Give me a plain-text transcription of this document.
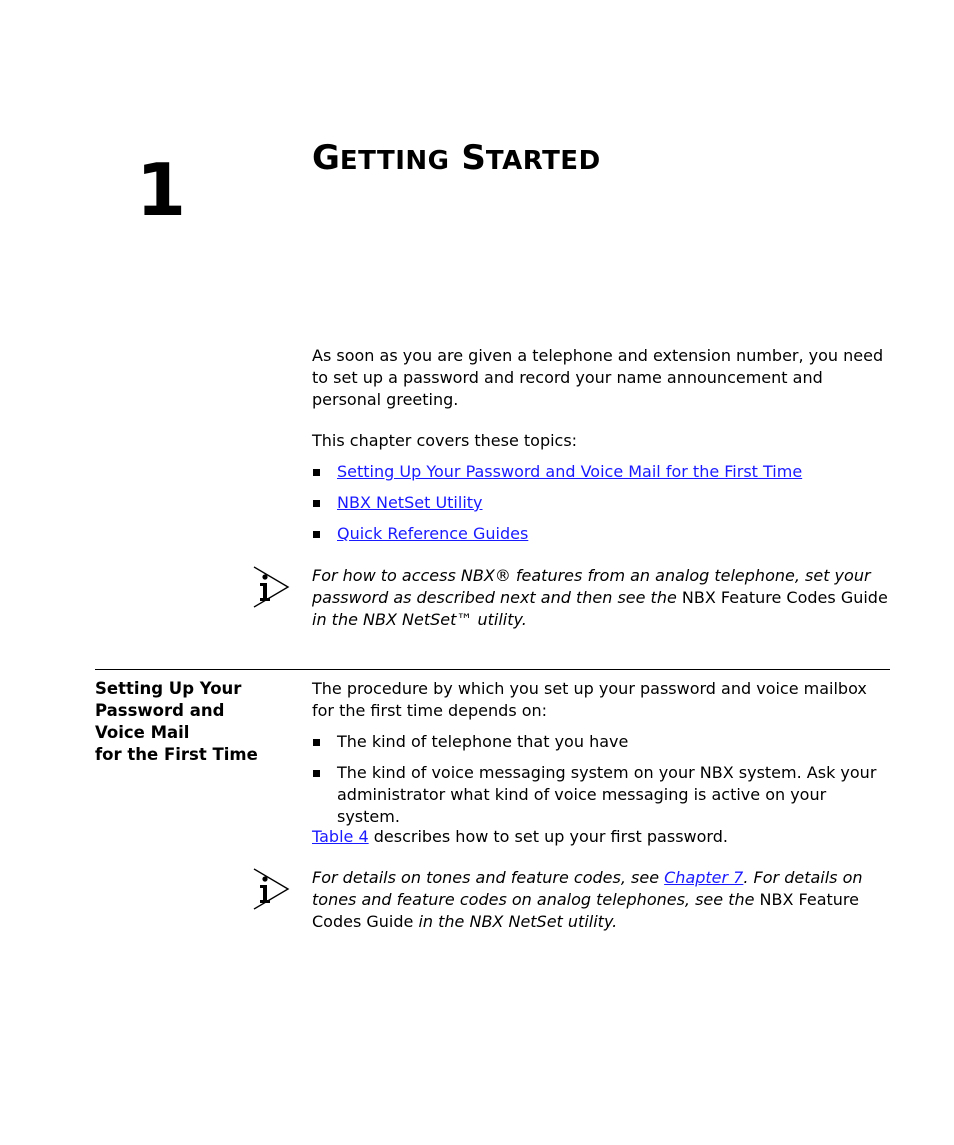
1	GETTING STARTED
As soon as you are given a telephone and extension number, you need to set up a password and record your name announcement and personal greeting.
This chapter covers these topics:
Setting Up Your Password and Voice Mail for the First Time
NBX NetSet Utility
Quick Reference Guides
For how to access NBX® features from an analog telephone, set your password as described next and then see the NBX Feature Codes Guide in the NBX NetSet™ utility.
Setting Up Your
Password and
Voice Mail
for the First Time
The procedure by which you set up your password and voice mailbox for the first time depends on:
The kind of telephone that you have
The kind of voice messaging system on your NBX system. Ask your administrator what kind of voice messaging is active on your system.
Table 4 describes how to set up your first password.
For details on tones and feature codes, see Chapter 7. For details on tones and feature codes on analog telephones, see the NBX Feature Codes Guide in the NBX NetSet utility.
